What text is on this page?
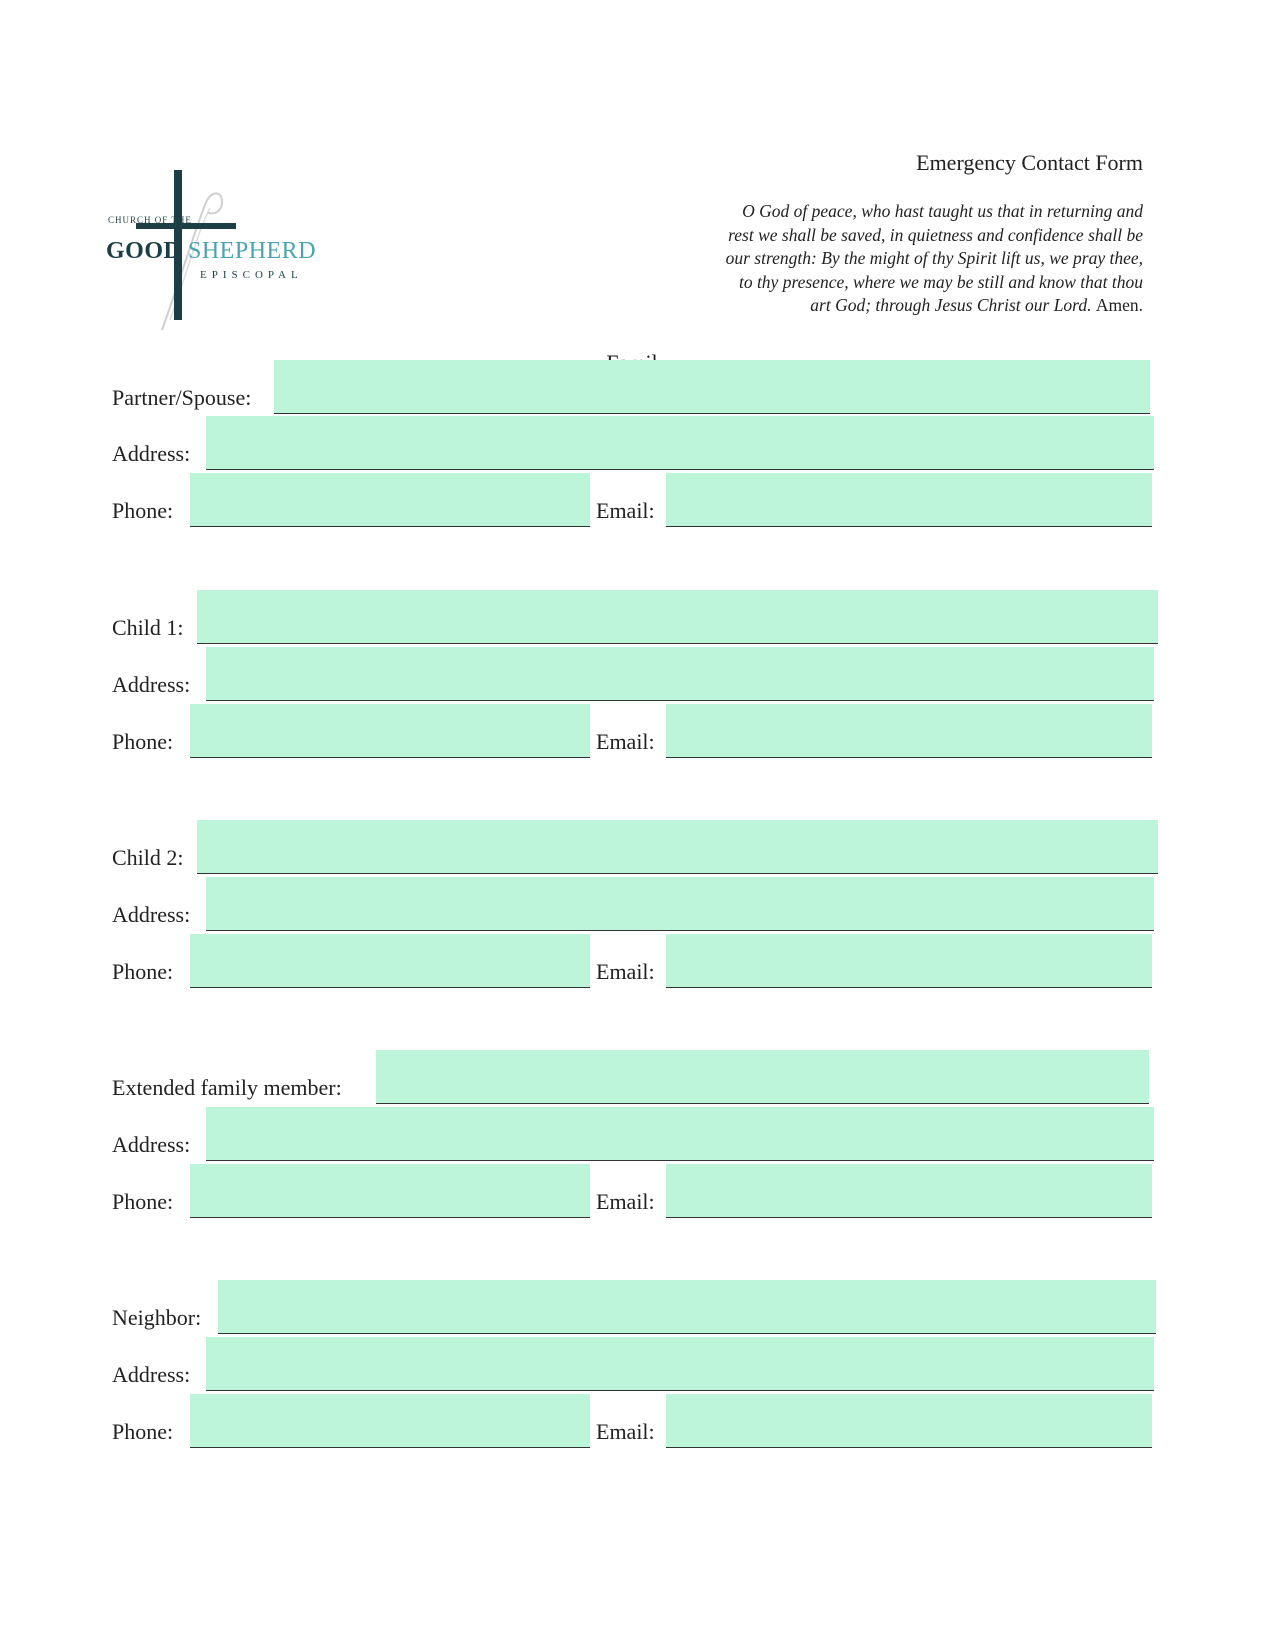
CHURCH OF THE
GOOD SHEPHERD
EPISCOPAL
Emergency Contact Form
O God of peace, who hast taught us that in returning and
rest we shall be saved, in quietness and confidence shall be
our strength: By the might of thy Spirit lift us, we pray thee,
to thy presence, where we may be still and know that thou
art God; through Jesus Christ our Lord. Amen.
Partner/Spouse:
Address:
Phone:	Email:
Child 1:
Address:
Phone:	Email:
Child 2:
Address:
Phone:	Email:
Extended family member:
Address:
Phone:	Email:
Neighbor:
Address:
Phone:	Email:
